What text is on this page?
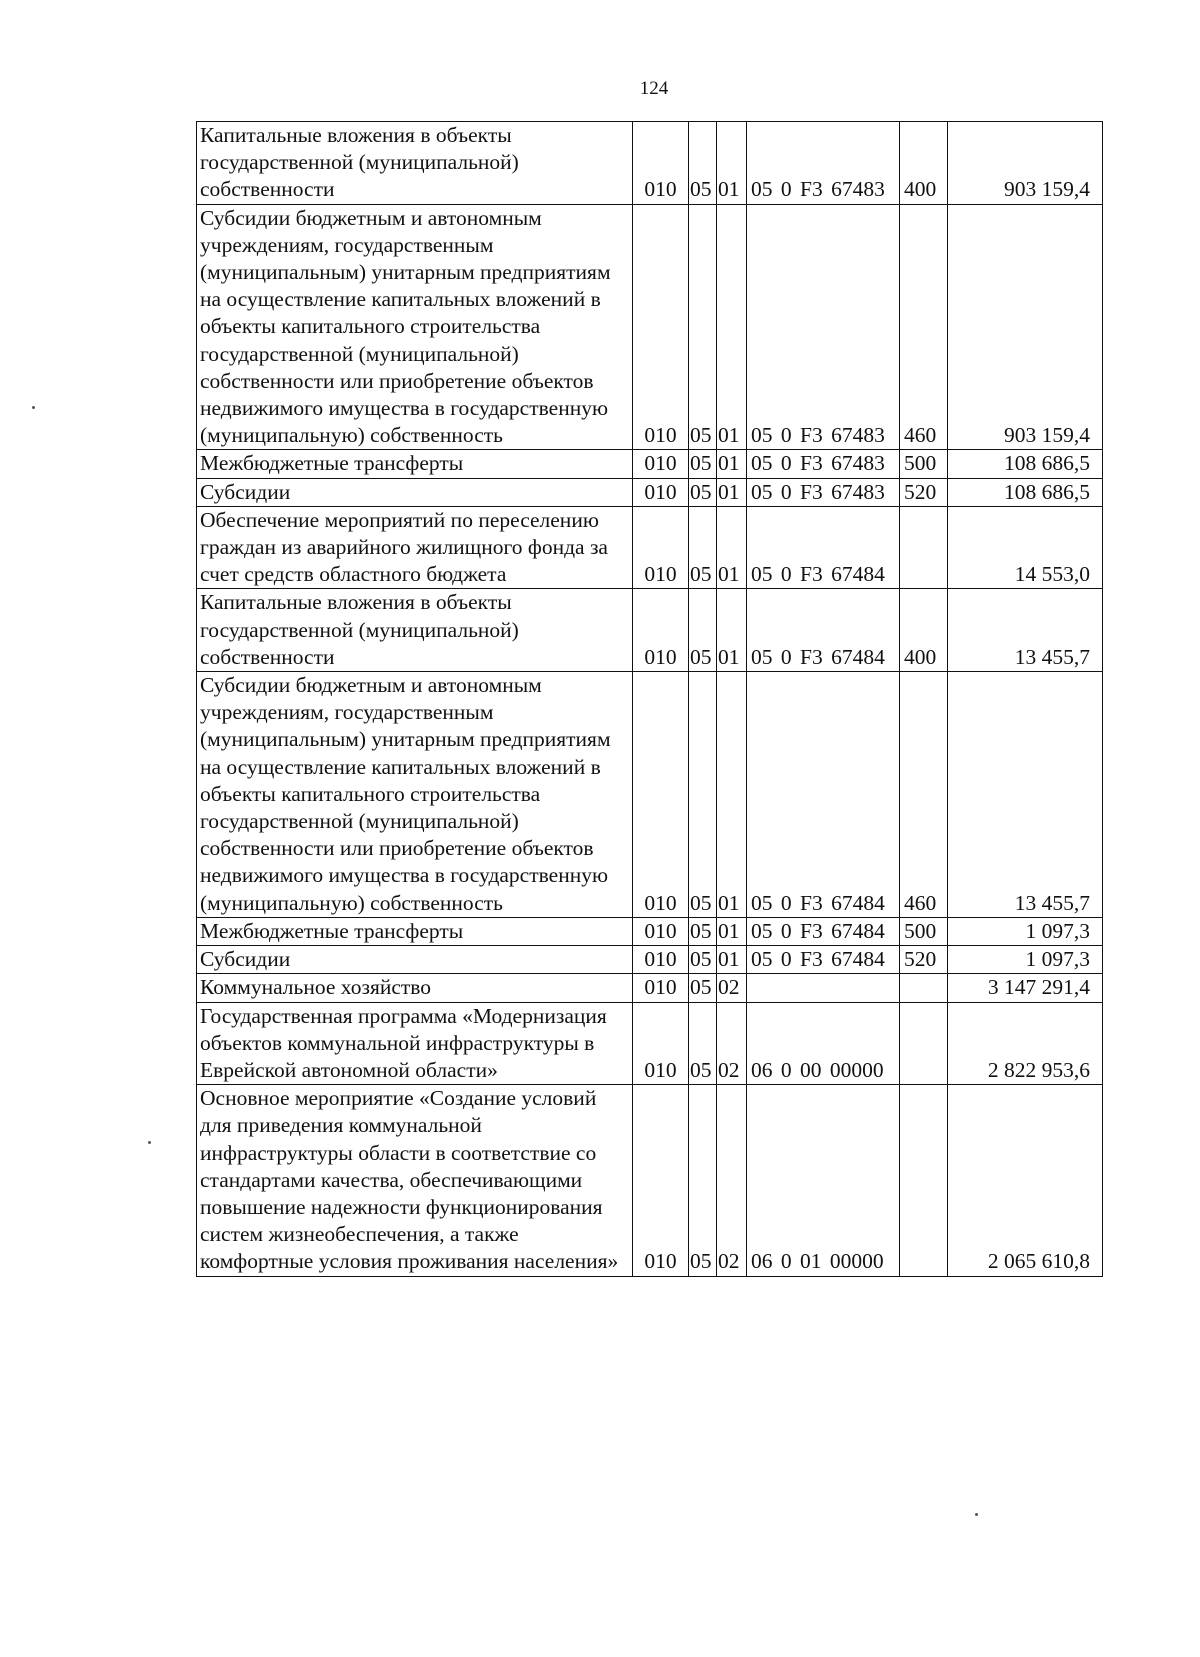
124
Капитальные вложения в объекты государственной (муниципальной) собственности	010	05	01	05 0 F3 67483	400	903 159,4
Субсидии бюджетным и автономным учреждениям, государственным (муниципальным) унитарным предприятиям на осуществление капитальных вложений в объекты капитального строительства государственной (муниципальной) собственности или приобретение объектов недвижимого имущества в государственную (муниципальную) собственность	010	05	01	05 0 F3 67483	460	903 159,4
Межбюджетные трансферты	010	05	01	05 0 F3 67483	500	108 686,5
Субсидии	010	05	01	05 0 F3 67483	520	108 686,5
Обеспечение мероприятий по переселению граждан из аварийного жилищного фонда за счет средств областного бюджета	010	05	01	05 0 F3 67484		14 553,0
Капитальные вложения в объекты государственной (муниципальной) собственности	010	05	01	05 0 F3 67484	400	13 455,7
Субсидии бюджетным и автономным учреждениям, государственным (муниципальным) унитарным предприятиям на осуществление капитальных вложений в объекты капитального строительства государственной (муниципальной) собственности или приобретение объектов недвижимого имущества в государственную (муниципальную) собственность	010	05	01	05 0 F3 67484	460	13 455,7
Межбюджетные трансферты	010	05	01	05 0 F3 67484	500	1 097,3
Субсидии	010	05	01	05 0 F3 67484	520	1 097,3
Коммунальное хозяйство	010	05	02			3 147 291,4
Государственная программа «Модернизация объектов коммунальной инфраструктуры в Еврейской автономной области»	010	05	02	06 0 00 00000		2 822 953,6
Основное мероприятие «Создание условий для приведения коммунальной инфраструктуры области в соответствие со стандартами качества, обеспечивающими повышение надежности функционирования систем жизнеобеспечения, а также комфортные условия проживания населения»	010	05	02	06 0 01 00000		2 065 610,8
